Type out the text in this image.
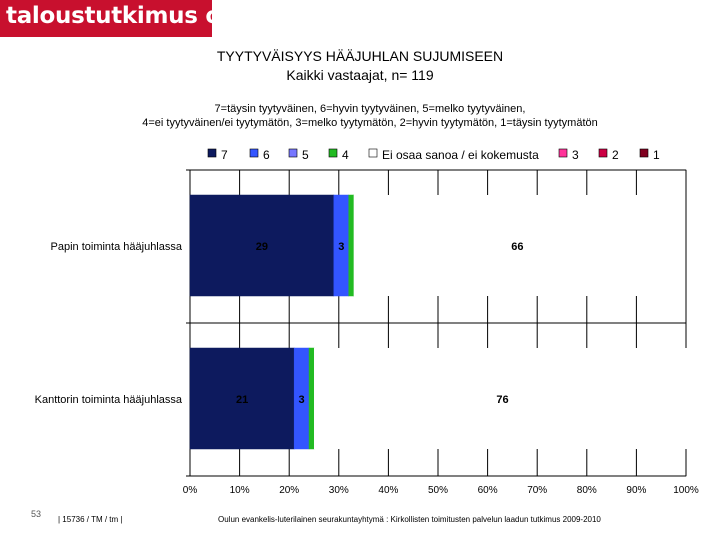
taloustutkimus oy
TYYTYVÄISYYS HÄÄJUHLAN SUJUMISEEN
Kaikki vastaajat, n= 119
7=täysin tyytyväinen, 6=hyvin tyytyväinen, 5=melko tyytyväinen,
4=ei tyytyväinen/ei tyytymätön, 3=melko tyytymätön, 2=hyvin tyytymätön, 1=täysin tyytymätön
0%	10%	20%	30%	40%	50%	60%	70%	80%	90%	100%
Papin toiminta hääjuhlassa	29	3	66
Kanttorin toiminta hääjuhlassa	21	3	76
7	6	5	4	Ei osaa sanoa / ei kokemusta	3	2	1
53
| 15736 / TM / tm |	Oulun evankelis-luterilainen seurakuntayhtymä : Kirkollisten toimitusten palvelun laadun tutkimus 2009-2010
